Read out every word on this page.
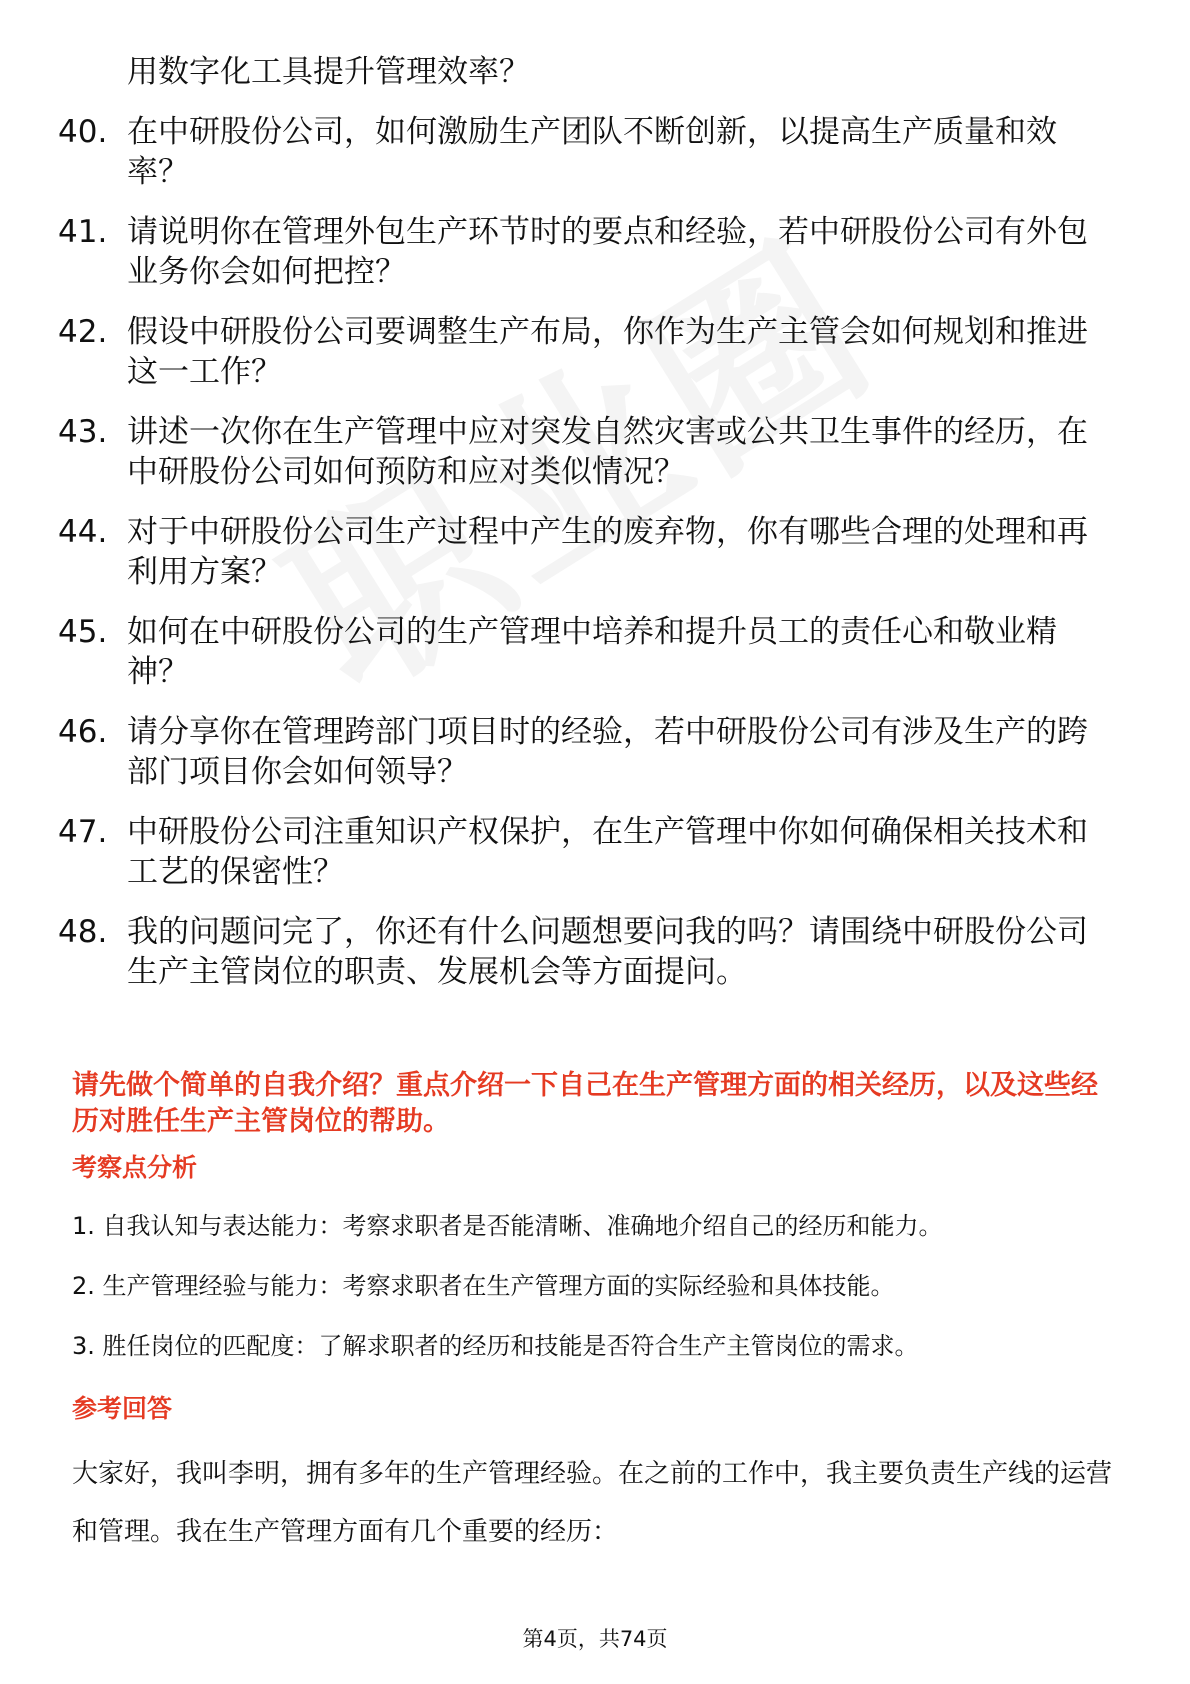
用数字化工具提升管理效率？
40. 在中研股份公司，如何激励生产团队不断创新，以提高生产质量和效率？
41. 请说明你在管理外包生产环节时的要点和经验，若中研股份公司有外包业务你会如何把控？
42. 假设中研股份公司要调整生产布局，你作为生产主管会如何规划和推进这一工作？
43. 讲述一次你在生产管理中应对突发自然灾害或公共卫生事件的经历，在中研股份公司如何预防和应对类似情况？
44. 对于中研股份公司生产过程中产生的废弃物，你有哪些合理的处理和再利用方案？
45. 如何在中研股份公司的生产管理中培养和提升员工的责任心和敬业精神？
46. 请分享你在管理跨部门项目时的经验，若中研股份公司有涉及生产的跨部门项目你会如何领导？
47. 中研股份公司注重知识产权保护，在生产管理中你如何确保相关技术和工艺的保密性？
48. 我的问题问完了，你还有什么问题想要问我的吗？请围绕中研股份公司生产主管岗位的职责、发展机会等方面提问。
请先做个简单的自我介绍？重点介绍一下自己在生产管理方面的相关经历，以及这些经历对胜任生产主管岗位的帮助。
考察点分析
1. 自我认知与表达能力：考察求职者是否能清晰、准确地介绍自己的经历和能力。
2. 生产管理经验与能力：考察求职者在生产管理方面的实际经验和具体技能。
3. 胜任岗位的匹配度：了解求职者的经历和技能是否符合生产主管岗位的需求。
参考回答
大家好，我叫李明，拥有多年的生产管理经验。在之前的工作中，我主要负责生产线的运营和管理。我在生产管理方面有几个重要的经历：
第4页，共74页
